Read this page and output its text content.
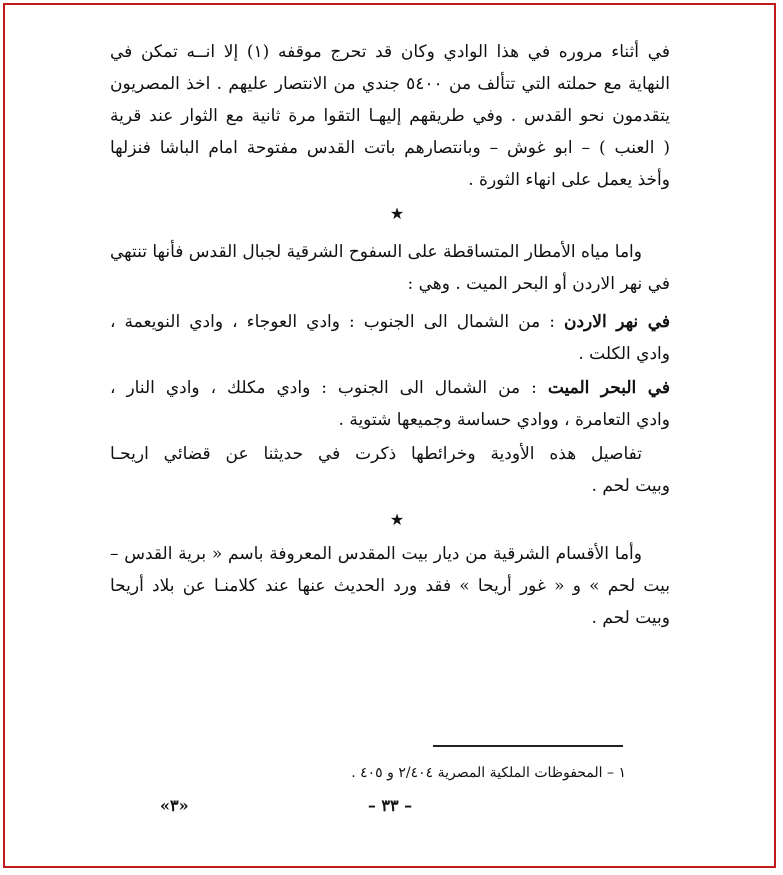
في أثناء مروره في هذا الوادي وكان قد تحرج موقفه (١) إلا انــه تمكن في
النهاية مع حملته التي تتألف من ٥٤٠٠ جندي من الانتصار عليهم . اخذ المصريون
يتقدمون نحو القدس . وفي طريقهم إليهـا التقوا مرة ثانية مع الثوار عند قرية
( العنب ) – ابو غوش – وبانتصارهم باتت القدس مفتوحة امام الباشا فنزلها
وأخذ يعمل على انهاء الثورة .
★
واما مياه الأمطار المتساقطة على السفوح الشرقية لجبال القدس فأنها تنتهي
في نهر الاردن أو البحر الميت . وهي :
في نهر الاردن : من الشمال الى الجنوب : وادي العوجاء ، وادي النويعمة ،
وادي الكلت .
في البحر الميت : من الشمال الى الجنوب : وادي مكلك ، وادي النار ،
وادي التعامرة ، ووادي حساسة وجميعها شتوية .
تفاصيل هذه الأودية وخرائطها ذكرت في حديثنا عن قضائي اريحـا
وبيت لحم .
★
وأما الأقسام الشرقية من ديار بيت المقدس المعروفة باسم « برية القدس –
بيت لحم » و « غور أريحا » فقد ورد الحديث عنها عند كلامنـا عن بلاد أريحا
وبيت لحم .
١ – المحفوظات الملكية المصرية ٢/٤٠٤ و ٤٠٥ .
– ٣٣ –
«٣»
